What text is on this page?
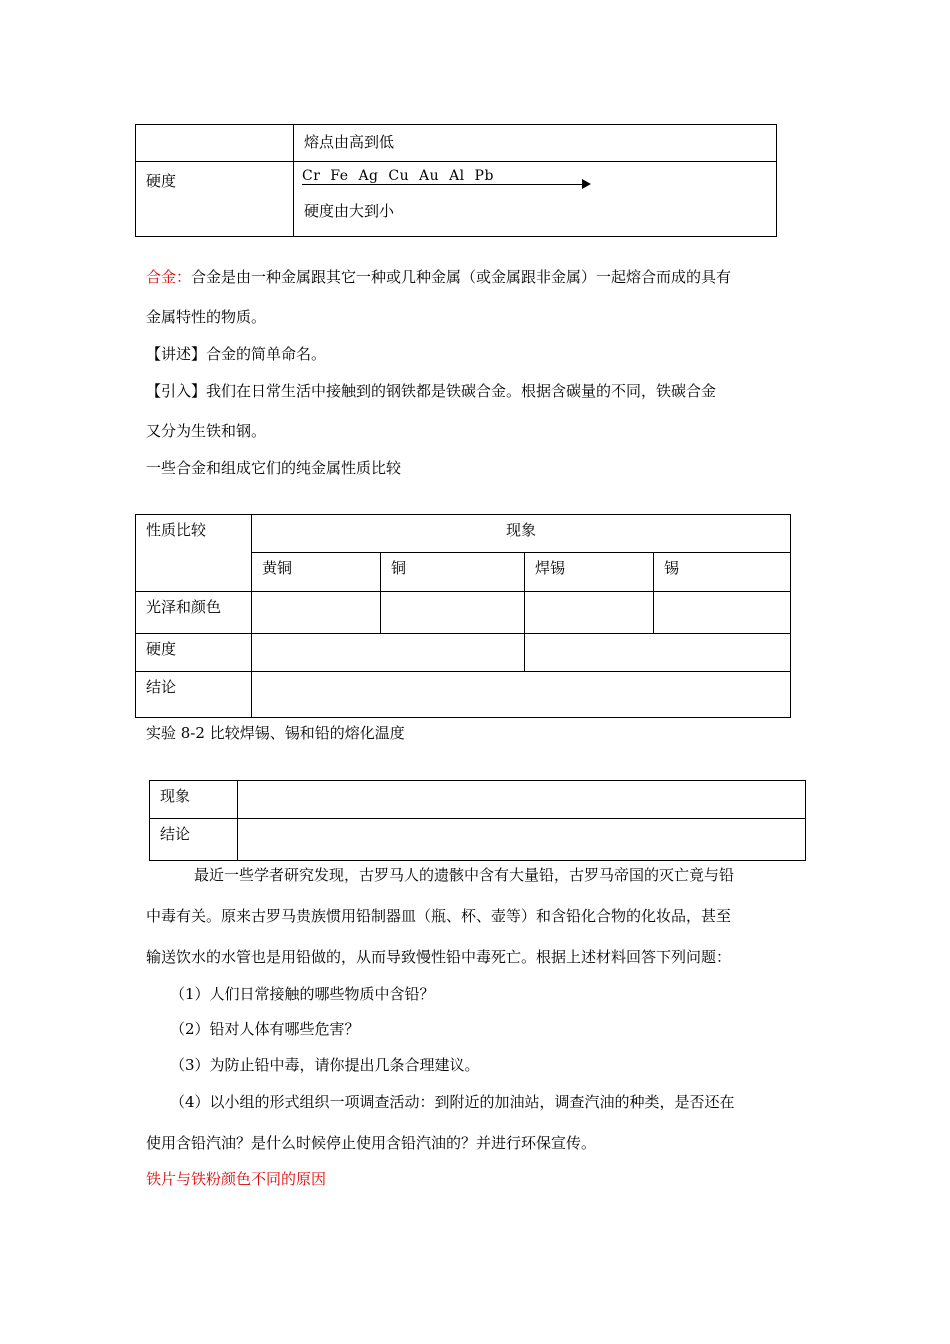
	熔点由高到低

硬度	Cr  Fe  Ag  Cu  Au  Al  Pb
硬度由大到小
合金：合金是由一种金属跟其它一种或几种金属（或金属跟非金属）一起熔合而成的具有
金属特性的物质。
【讲述】合金的简单命名。
【引入】我们在日常生活中接触到的钢铁都是铁碳合金。根据含碳量的不同，铁碳合金
又分为生铁和钢。
一些合金和组成它们的纯金属性质比较
性质比较	现象			

	黄铜	铜	焊锡	锡

光泽和颜色				

硬度				

结论				

实验 8-2 比较焊锡、锡和铅的熔化温度
现象	

结论	

最近一些学者研究发现，古罗马人的遗骸中含有大量铅，古罗马帝国的灭亡竟与铅
中毒有关。原来古罗马贵族惯用铅制器皿（瓶、杯、壶等）和含铅化合物的化妆品，甚至
输送饮水的水管也是用铅做的，从而导致慢性铅中毒死亡。根据上述材料回答下列问题：
（1）人们日常接触的哪些物质中含铅？
（2）铅对人体有哪些危害？
（3）为防止铅中毒，请你提出几条合理建议。
（4）以小组的形式组织一项调查活动：到附近的加油站，调查汽油的种类，是否还在
使用含铅汽油？是什么时候停止使用含铅汽油的？并进行环保宣传。
铁片与铁粉颜色不同的原因
